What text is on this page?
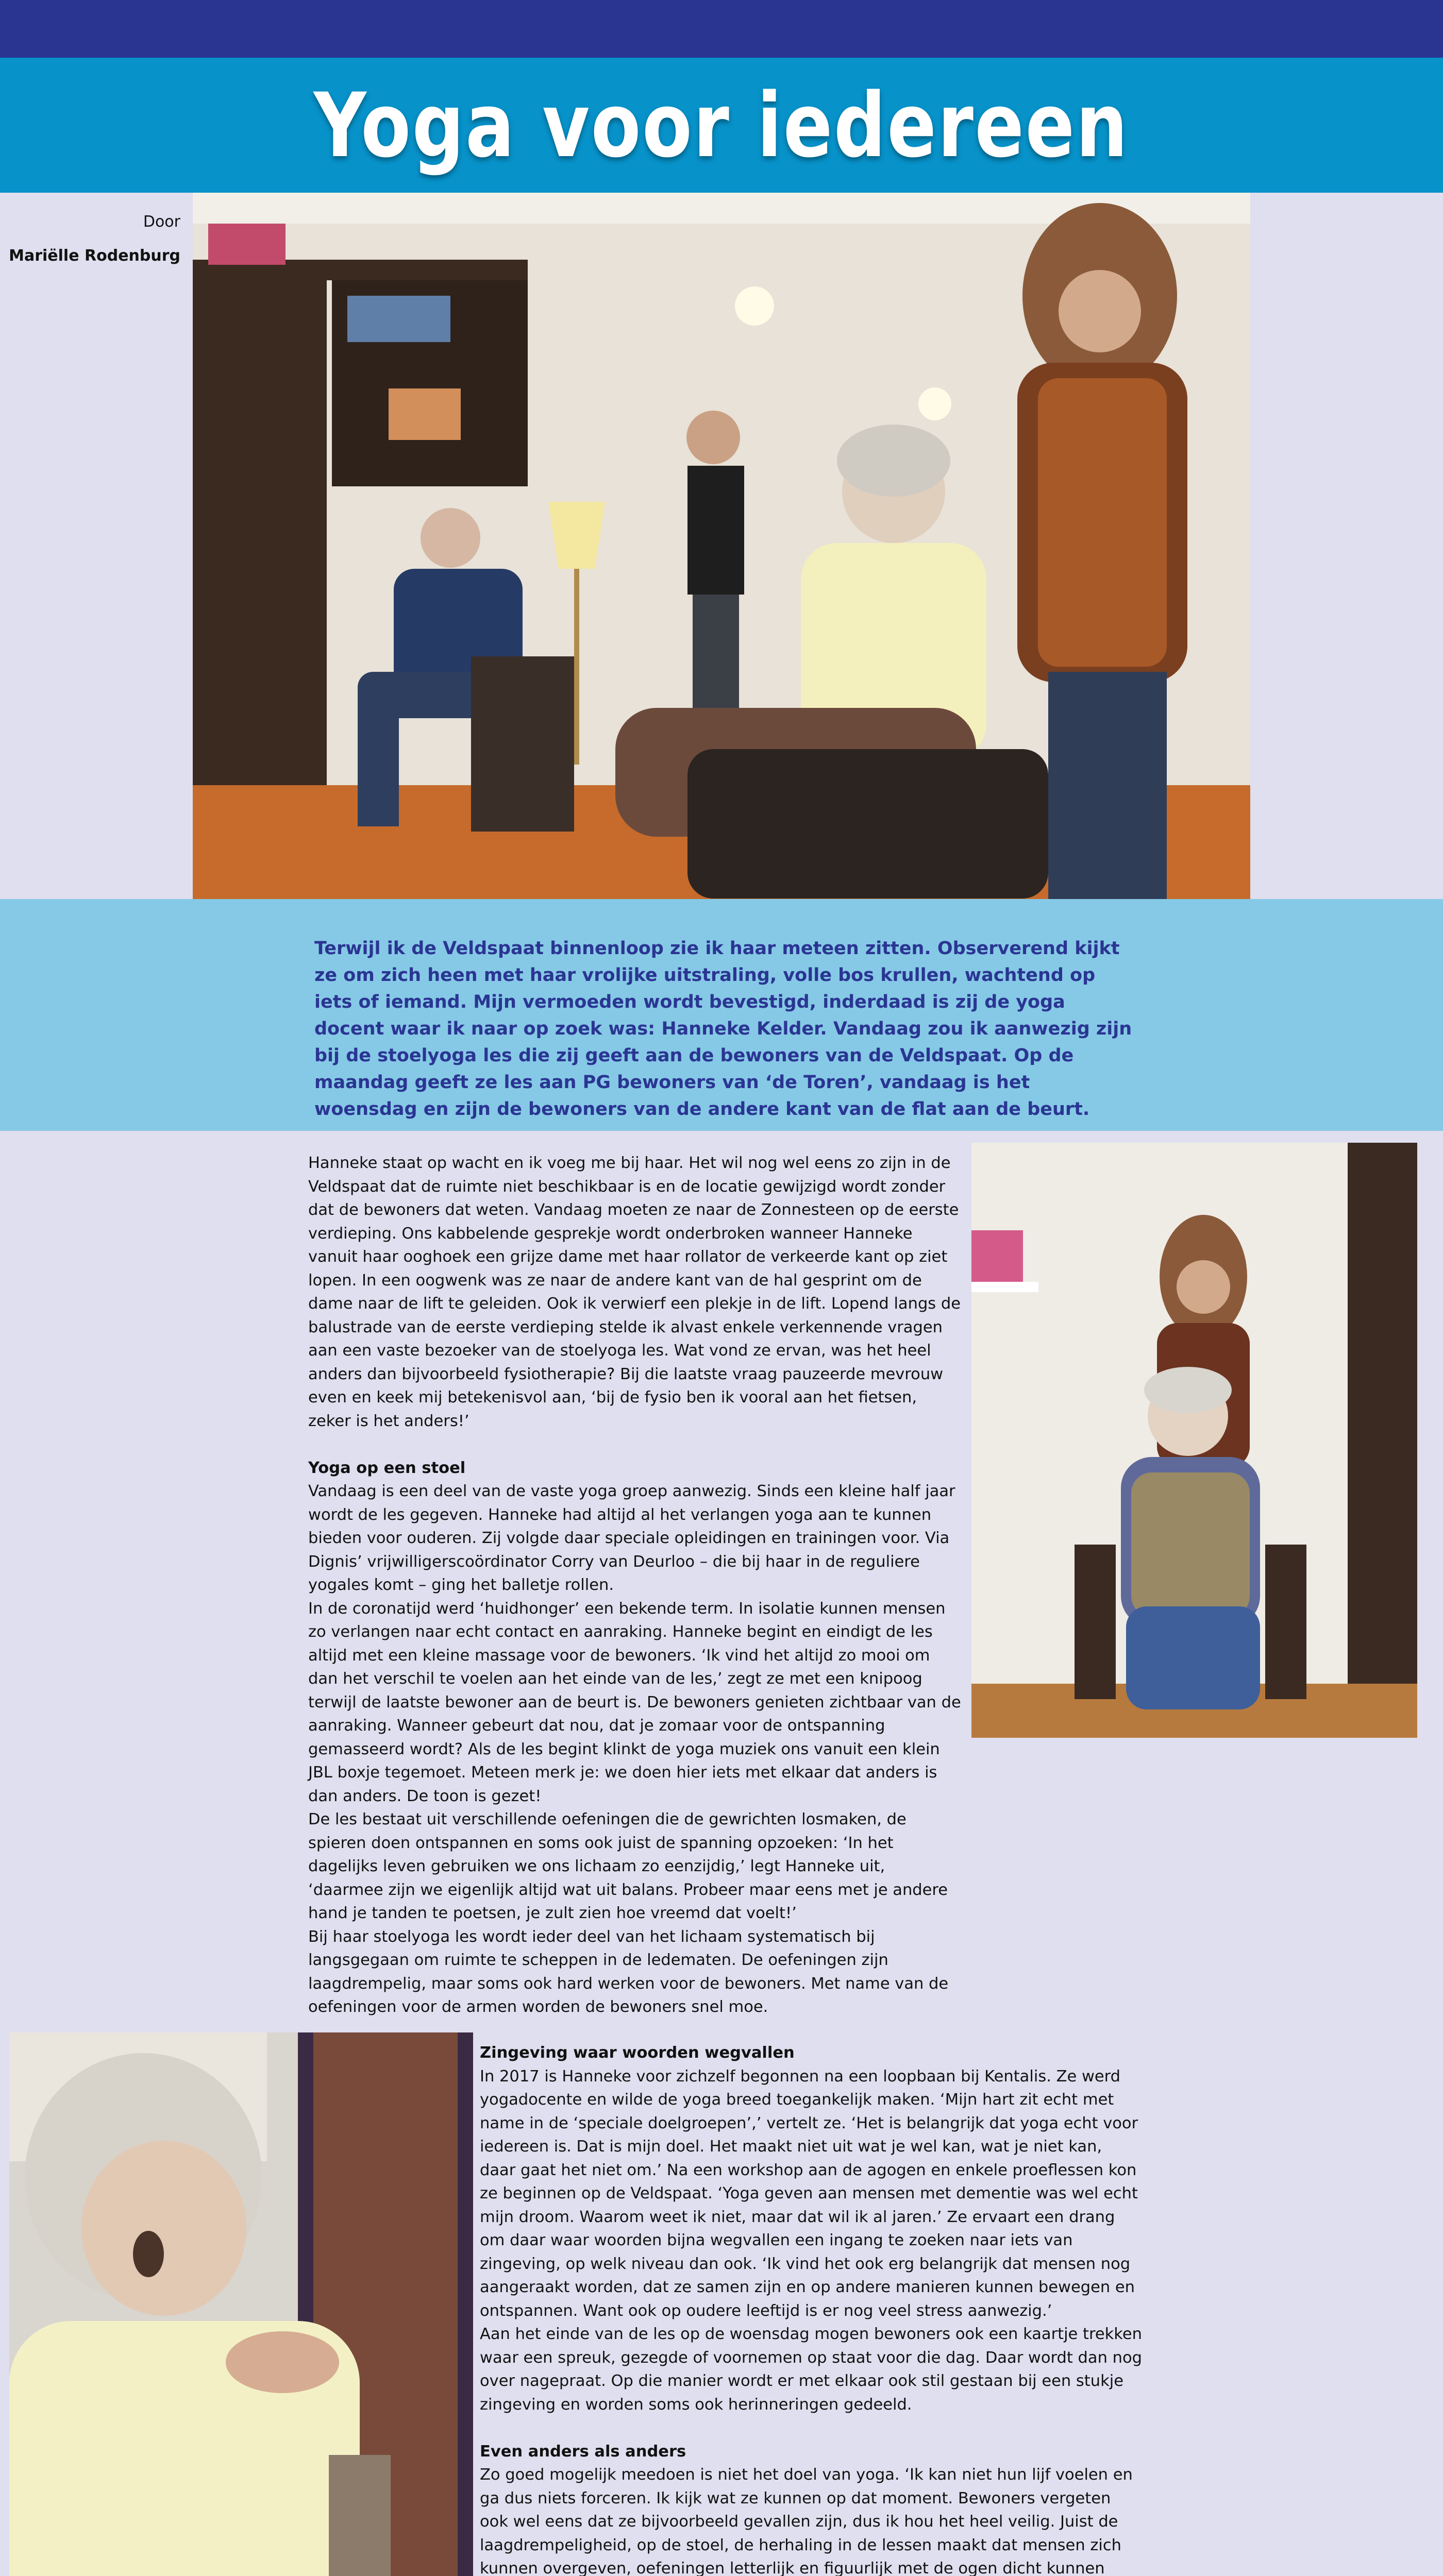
Yoga voor iedereen
Door
Mariëlle Rodenburg

Terwijl ik de Veldspaat binnenloop zie ik haar meteen zitten. Observerend kijkt ze om zich heen met haar vrolijke uitstraling, volle bos krullen, wachtend op iets of iemand. Mijn vermoeden wordt bevestigd, inderdaad is zij de yoga docent waar ik naar op zoek was: Hanneke Kelder. Vandaag zou ik aanwezig zijn bij de stoelyoga les die zij geeft aan de bewoners van de Veldspaat. Op de maandag geeft ze les aan PG bewoners van ‘de Toren’, vandaag is het woensdag en zijn de bewoners van de andere kant van de flat aan de beurt.

Hanneke staat op wacht en ik voeg me bij haar. Het wil nog wel eens zo zijn in de Veldspaat dat de ruimte niet beschikbaar is en de locatie gewijzigd wordt zonder dat de bewoners dat weten. Vandaag moeten ze naar de Zonnesteen op de eerste verdieping. Ons kabbelende gesprekje wordt onderbroken wanneer Hanneke vanuit haar ooghoek een grijze dame met haar rollator de verkeerde kant op ziet lopen. In een oogwenk was ze naar de andere kant van de hal gesprint om de dame naar de lift te geleiden. Ook ik verwierf een plekje in de lift. Lopend langs de balustrade van de eerste verdieping stelde ik alvast enkele verkennende vragen aan een vaste bezoeker van de stoelyoga les. Wat vond ze ervan, was het heel anders dan bijvoorbeeld fysiotherapie? Bij die laatste vraag pauzeerde mevrouw even en keek mij betekenisvol aan, ‘bij de fysio ben ik vooral aan het fietsen, zeker is het anders!’

Yoga op een stoel

Vandaag is een deel van de vaste yoga groep aanwezig. Sinds een kleine half jaar wordt de les gegeven. Hanneke had altijd al het verlangen yoga aan te kunnen bieden voor ouderen. Zij volgde daar speciale opleidingen en trainingen voor. Via Dignis’ vrijwilligerscoördinator Corry van Deurloo – die bij haar in de reguliere yogales komt – ging het balletje rollen.

In de coronatijd werd ‘huidhonger’ een bekende term. In isolatie kunnen mensen zo verlangen naar echt contact en aanraking. Hanneke begint en eindigt de les altijd met een kleine massage voor de bewoners. ‘Ik vind het altijd zo mooi om dan het verschil te voelen aan het einde van de les,’ zegt ze met een knipoog terwijl de laatste bewoner aan de beurt is. De bewoners genieten zichtbaar van de aanraking. Wanneer gebeurt dat nou, dat je zomaar voor de ontspanning gemasseerd wordt? Als de les begint klinkt de yoga muziek ons vanuit een klein JBL boxje tegemoet. Meteen merk je: we doen hier iets met elkaar dat anders is dan anders. De toon is gezet!

De les bestaat uit verschillende oefeningen die de gewrichten losmaken, de spieren doen ontspannen en soms ook juist de spanning opzoeken: ‘In het dagelijks leven gebruiken we ons lichaam zo eenzijdig,’ legt Hanneke uit, ‘daarmee zijn we eigenlijk altijd wat uit balans. Probeer maar eens met je andere hand je tanden te poetsen, je zult zien hoe vreemd dat voelt!’

Bij haar stoelyoga les wordt ieder deel van het lichaam systematisch bij langsgegaan om ruimte te scheppen in de ledematen. De oefeningen zijn laagdrempelig, maar soms ook hard werken voor de bewoners. Met name van de oefeningen voor de armen worden de bewoners snel moe.

Zingeving waar woorden wegvallen

In 2017 is Hanneke voor zichzelf begonnen na een loopbaan bij Kentalis. Ze werd yogadocente en wilde de yoga breed toegankelijk maken. ‘Mijn hart zit echt met name in de ‘speciale doelgroepen’,’ vertelt ze. ‘Het is belangrijk dat yoga echt voor iedereen is. Dat is mijn doel. Het maakt niet uit wat je wel kan, wat je niet kan, daar gaat het niet om.’ Na een workshop aan de agogen en enkele proeflessen kon ze beginnen op de Veldspaat. ‘Yoga geven aan mensen met dementie was wel echt mijn droom. Waarom weet ik niet, maar dat wil ik al jaren.’ Ze ervaart een drang om daar waar woorden bijna wegvallen een ingang te zoeken naar iets van zingeving, op welk niveau dan ook. ‘Ik vind het ook erg belangrijk dat mensen nog aangeraakt worden, dat ze samen zijn en op andere manieren kunnen bewegen en ontspannen. Want ook op oudere leeftijd is er nog veel stress aanwezig.’

Aan het einde van de les op de woensdag mogen bewoners ook een kaartje trekken waar een spreuk, gezegde of voornemen op staat voor die dag. Daar wordt dan nog over nagepraat. Op die manier wordt er met elkaar ook stil gestaan bij een stukje zingeving en worden soms ook herinneringen gedeeld.

Even anders als anders

Zo goed mogelijk meedoen is niet het doel van yoga. ‘Ik kan niet hun lijf voelen en ga dus niets forceren. Ik kijk wat ze kunnen op dat moment. Bewoners vergeten ook wel eens dat ze bijvoorbeeld gevallen zijn, dus ik hou het heel veilig. Juist de laagdrempeligheid, op de stoel, de herhaling in de lessen maakt dat mensen zich kunnen overgeven, oefeningen letterlijk en figuurlijk met de ogen dicht kunnen
